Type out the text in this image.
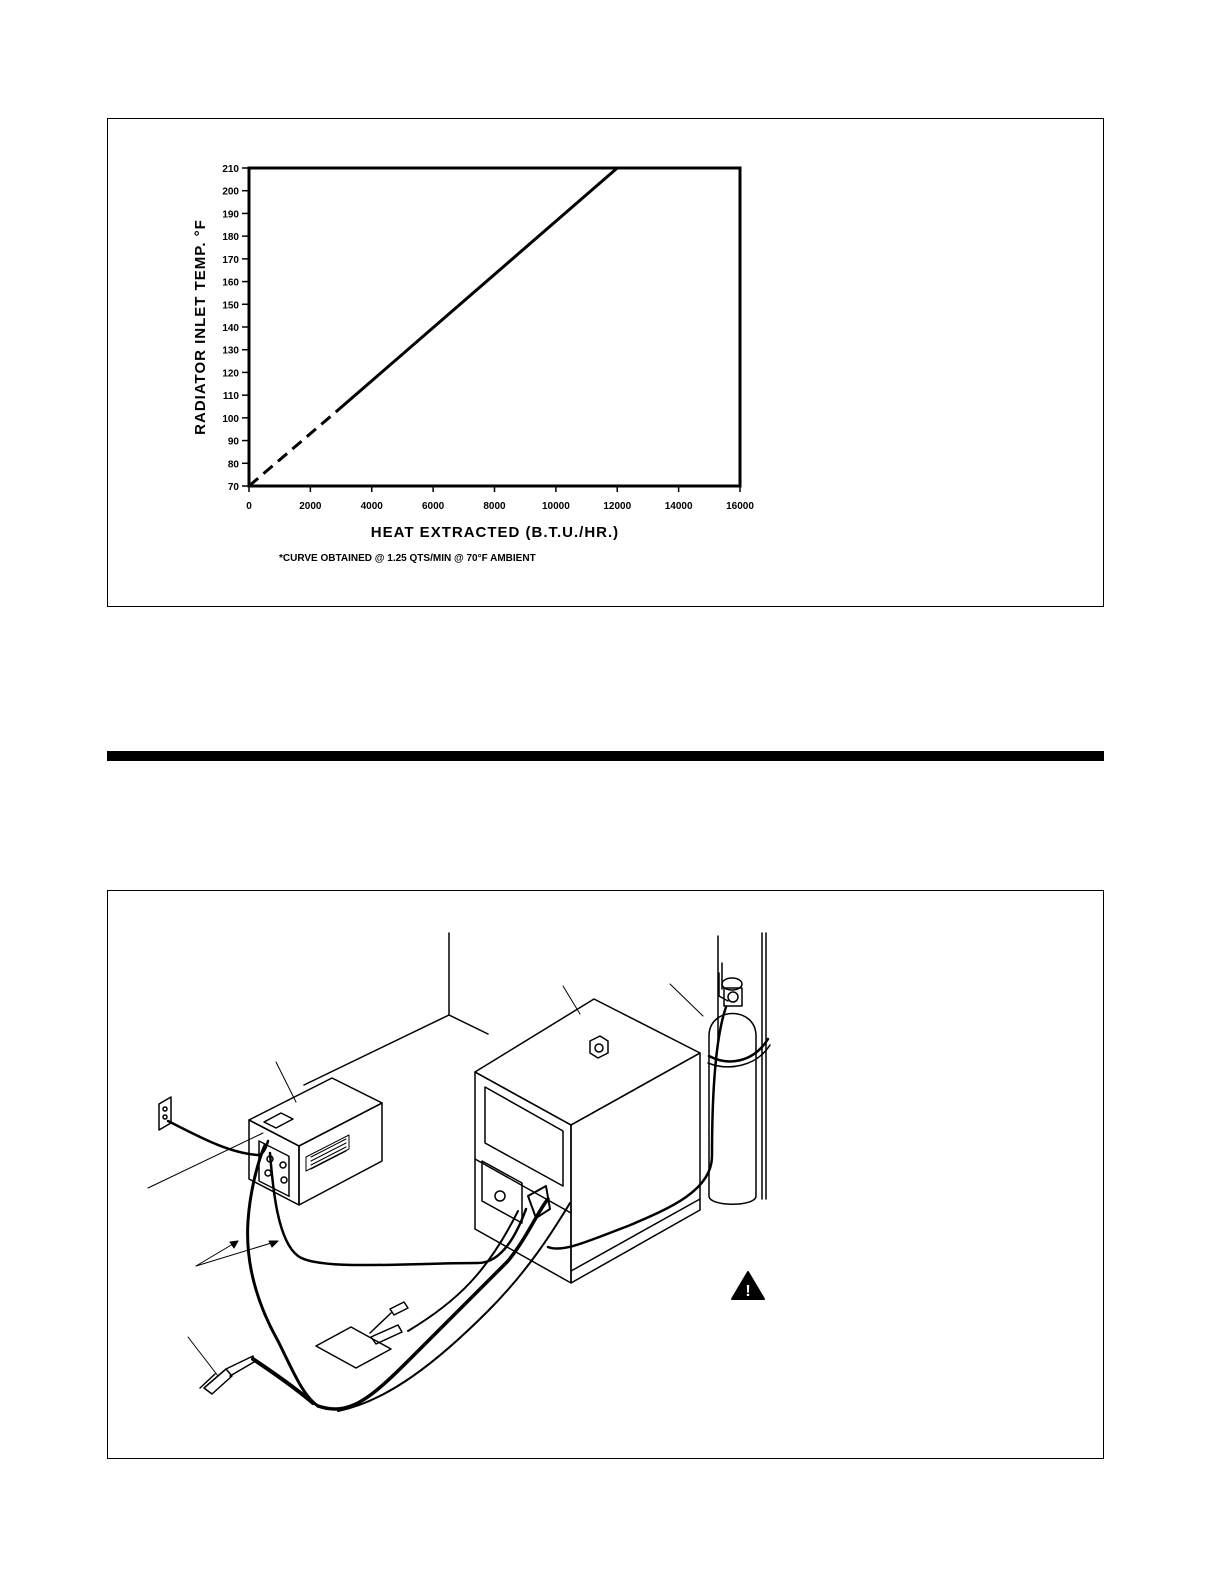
70
80
90
100
110
120
130
140
150
160
170
180
190
200
210
0	2000	4000	6000	8000	10000	12000	14000	16000
RADIATOR INLET TEMP. °F
HEAT EXTRACTED (B.T.U./HR.)
*CURVE OBTAINED @ 1.25 QTS/MIN @ 70°F AMBIENT
!
